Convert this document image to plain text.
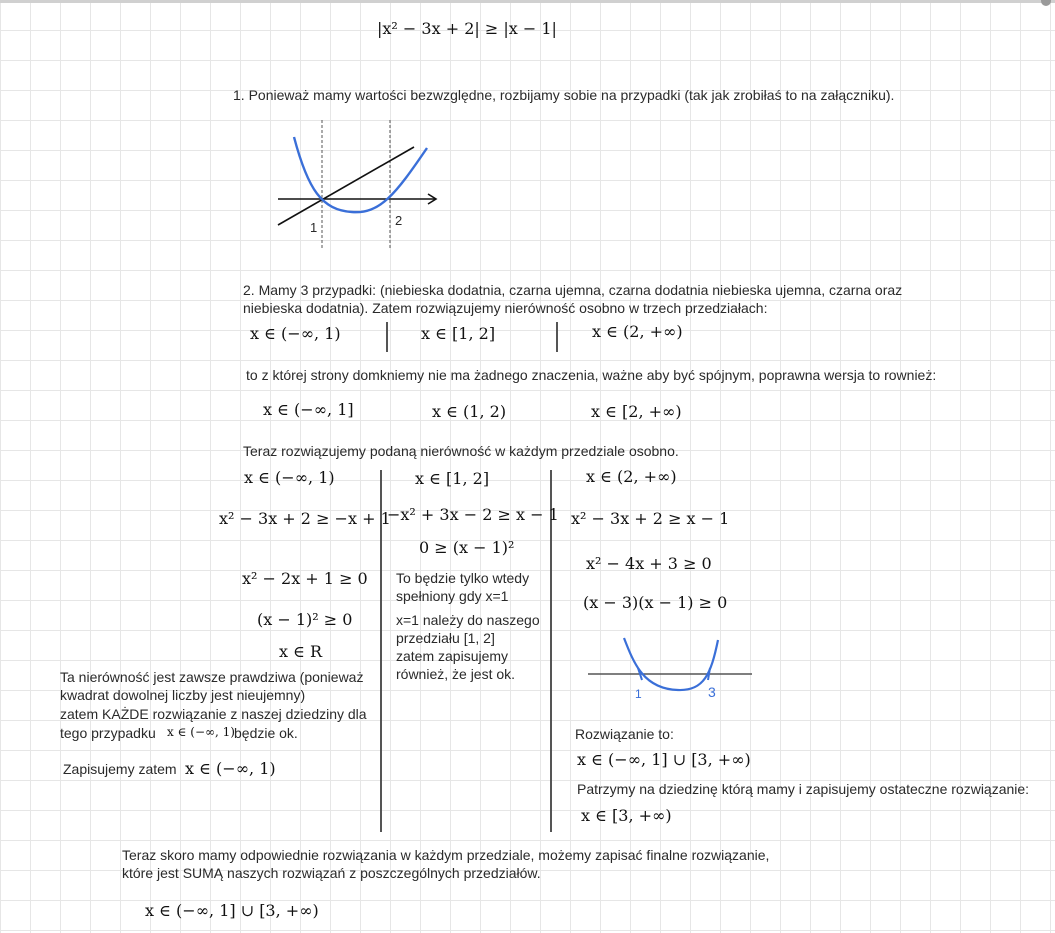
|x² − 3x + 2| ≥ |x − 1|
1. Ponieważ mamy wartości bezwzględne, rozbijamy sobie na przypadki (tak jak zrobiłaś to na załączniku).
1	2
2. Mamy 3 przypadki: (niebieska dodatnia, czarna ujemna, czarna dodatnia niebieska ujemna, czarna oraz
niebieska dodatnia). Zatem rozwiązujemy nierówność osobno w trzech przedziałach:
x ∈ (−∞, 1)	x ∈ [1, 2]	x ∈ (2, +∞)
to z której strony domkniemy nie ma żadnego znaczenia, ważne aby być spójnym, poprawna wersja to rownież:
x ∈ (−∞, 1]	x ∈ (1, 2)	x ∈ [2, +∞)
Teraz rozwiązujemy podaną nierówność w każdym przedziale osobno.
x ∈ (−∞, 1)
x² − 3x + 2 ≥ −x + 1
x² − 2x + 1 ≥ 0
(x − 1)² ≥ 0
x ∈ R
Ta nierówność jest zawsze prawdziwa (ponieważ
kwadrat dowolnej liczby jest nieujemny)
zatem KAŻDE rozwiązanie z naszej dziedziny dla
tego przypadku x ∈ (−∞, 1) będzie ok.
Zapisujemy zatem x ∈ (−∞, 1)
x ∈ [1, 2]
−x² + 3x − 2 ≥ x − 1
0 ≥ (x − 1)²
To będzie tylko wtedy
spełniony gdy x=1
x=1 należy do naszego
przedziału [1, 2]
zatem zapisujemy
również, że jest ok.
x ∈ (2, +∞)
x² − 3x + 2 ≥ x − 1
x² − 4x + 3 ≥ 0
(x − 3)(x − 1) ≥ 0
1	3
Rozwiązanie to:
x ∈ (−∞, 1] ∪ [3, +∞)
Patrzymy na dziedzinę którą mamy i zapisujemy ostateczne rozwiązanie:
x ∈ [3, +∞)
Teraz skoro mamy odpowiednie rozwiązania w każdym przedziale, możemy zapisać finalne rozwiązanie,
które jest SUMĄ naszych rozwiązań z poszczególnych przedziałów.
x ∈ (−∞, 1] ∪ [3, +∞)
